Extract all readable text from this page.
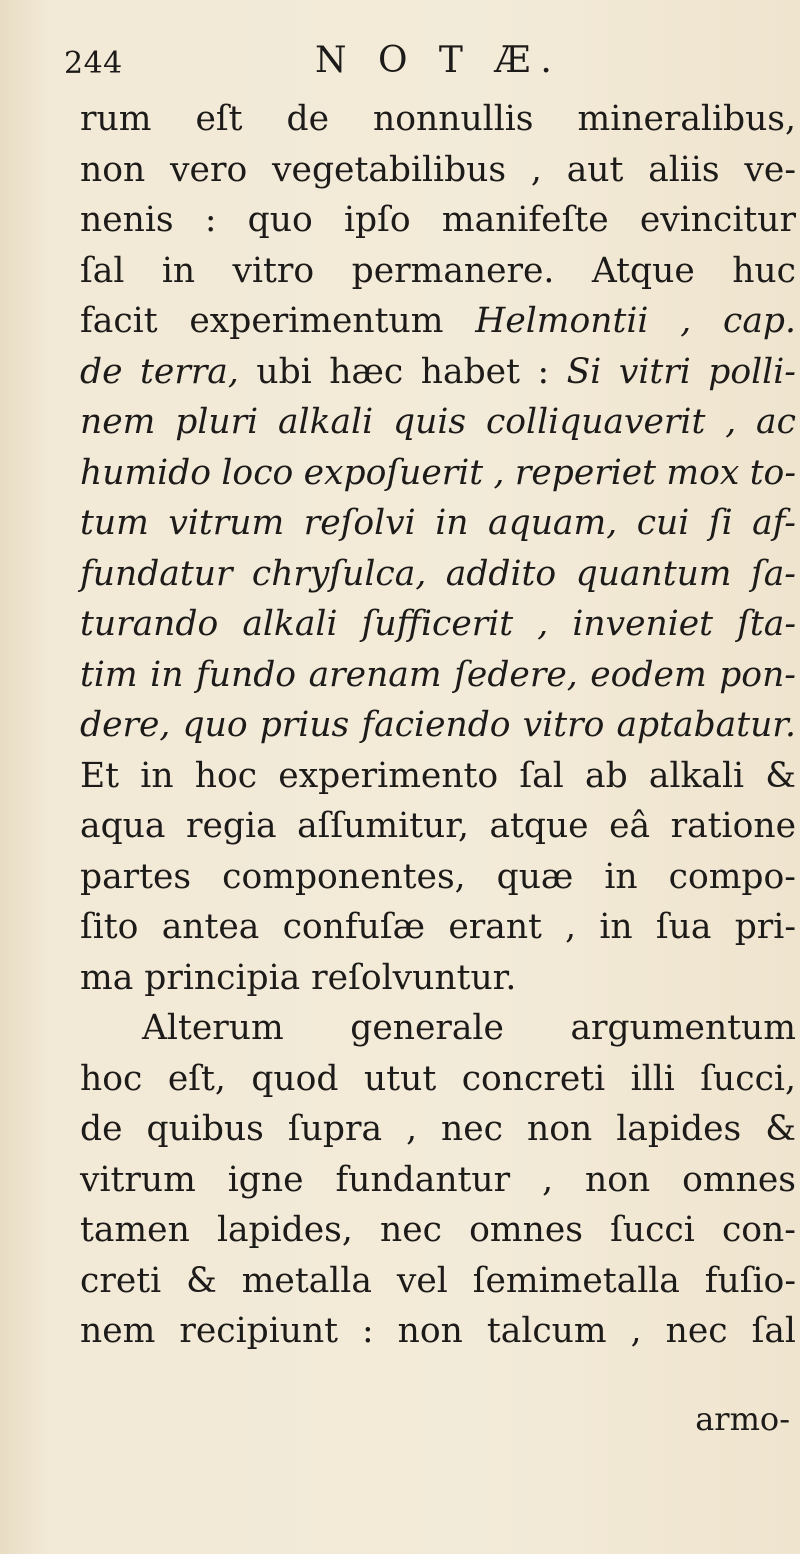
244	N O T Æ.
rum eſt de nonnullis mineralibus,
non vero vegetabilibus , aut aliis ve-
nenis : quo ipſo manifeſte evincitur
ſal in vitro permanere. Atque huc
facit experimentum Helmontii , cap.
de terra, ubi hæc habet : Si vitri polli-
nem pluri alkali quis colliquaverit , ac
humido loco expoſuerit , reperiet mox to-
tum vitrum reſolvi in aquam, cui ſi af-
fundatur chryſulca, addito quantum ſa-
turando alkali ſufficerit , inveniet ſta-
tim in fundo arenam ſedere, eodem pon-
dere, quo prius faciendo vitro aptabatur.
Et in hoc experimento ſal ab alkali &
aqua regia aſſumitur, atque eâ ratione
partes componentes, quæ in compo-
ſito antea confuſæ erant , in ſua pri-
ma principia reſolvuntur.
Alterum generale argumentum
hoc eſt, quod utut concreti illi ſucci,
de quibus ſupra , nec non lapides &
vitrum igne fundantur , non omnes
tamen lapides, nec omnes ſucci con-
creti & metalla vel ſemimetalla fuſio-
nem recipiunt : non talcum , nec ſal
armo-
